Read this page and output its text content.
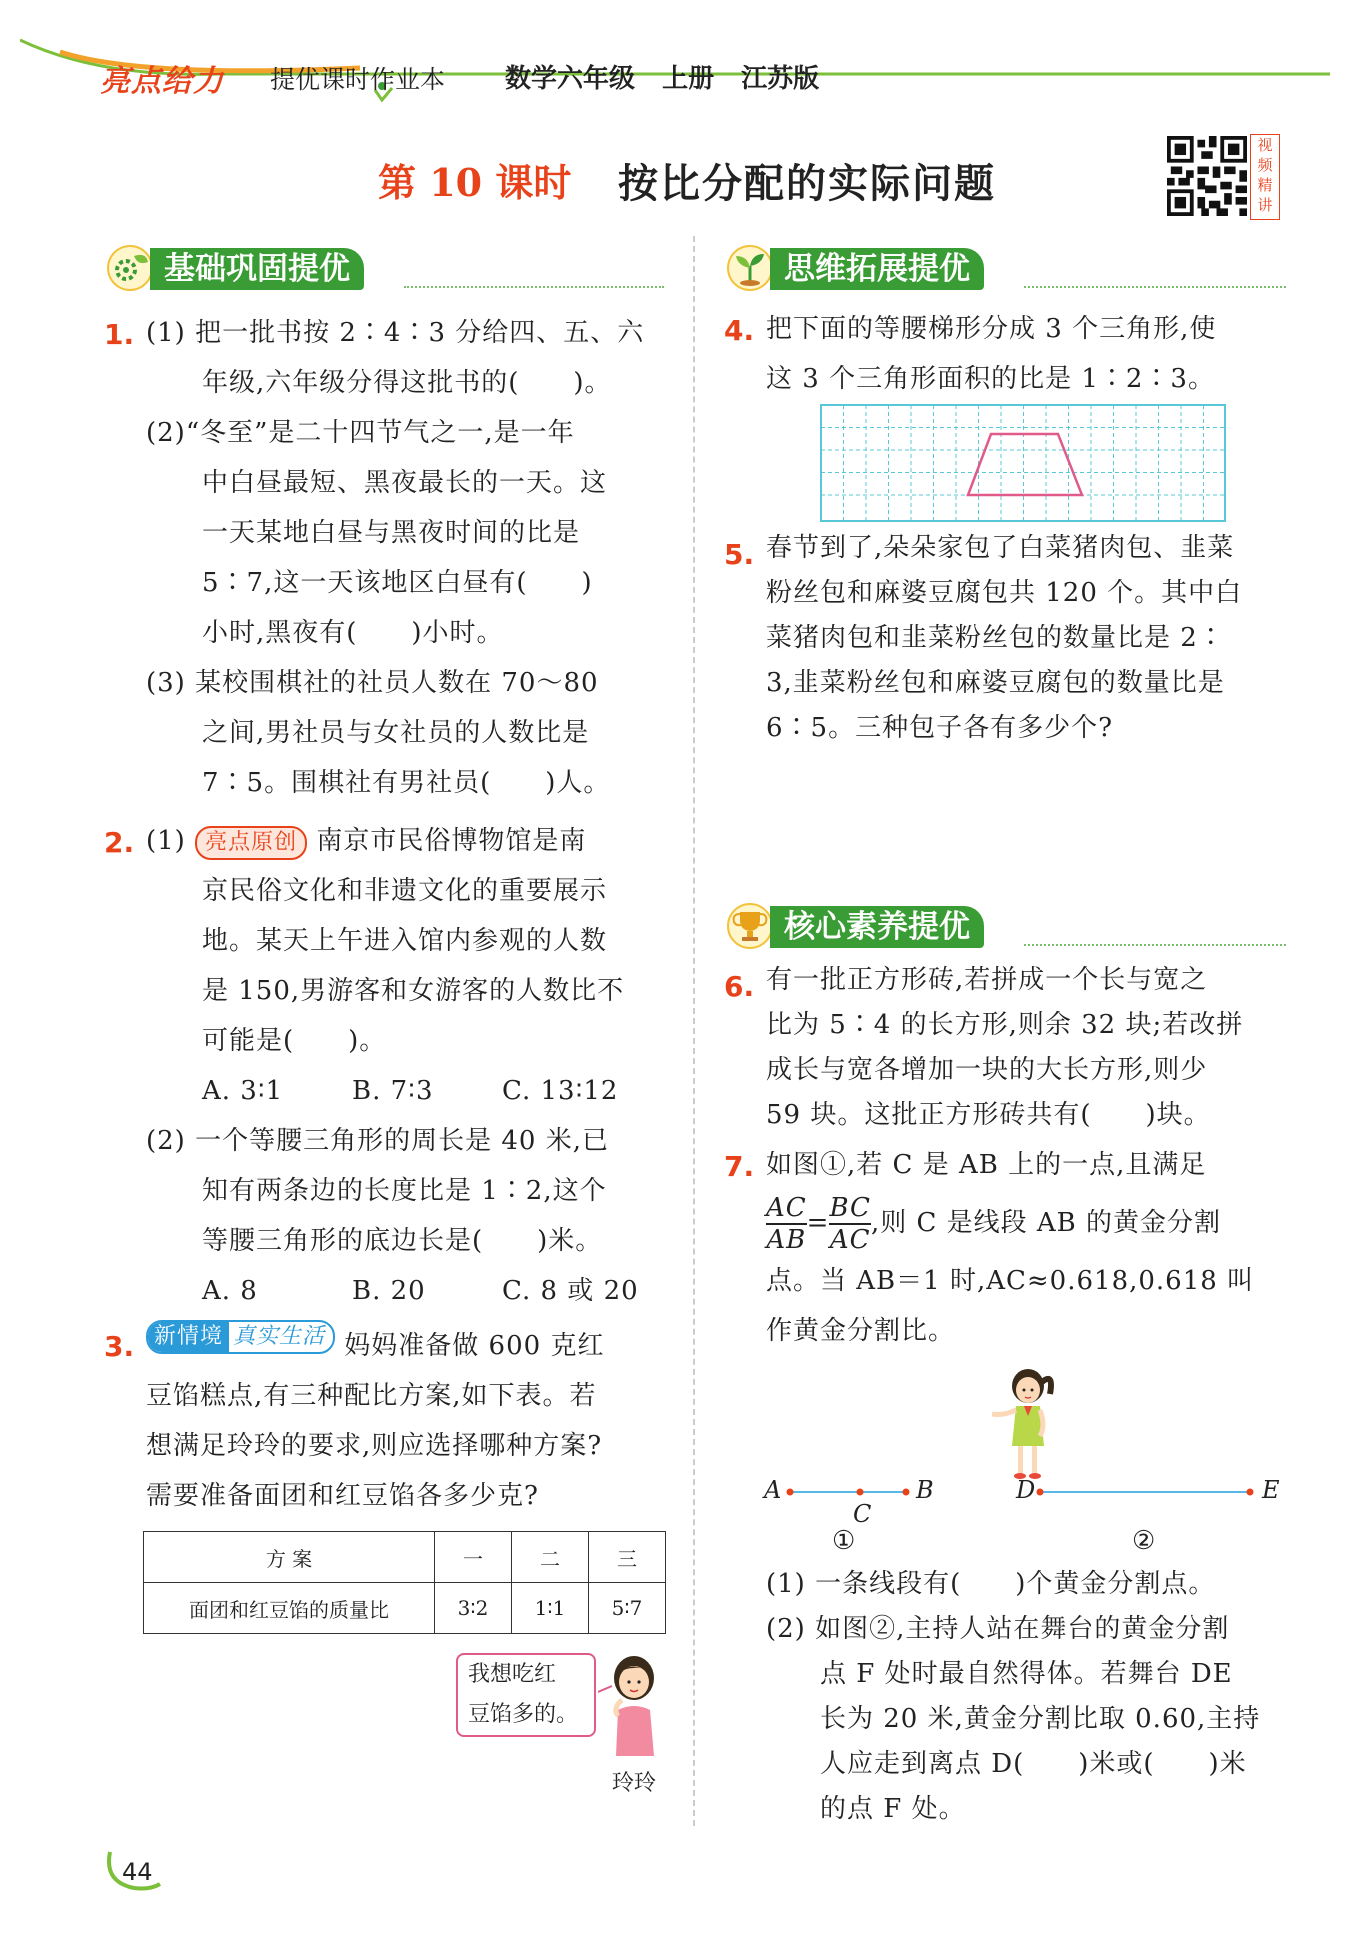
亮点给力 提优课时作业本 数学六年级 上册 江苏版
第 10 课时 按比分配的实际问题
视频精讲
基础巩固提优	思维拓展提优
核心素养提优
1. (1) 把一批书按 2∶4∶3 分给四、五、六
年级,六年级分得这批书的(　　)。
(2)“冬至”是二十四节气之一,是一年
中白昼最短、黑夜最长的一天。这
一天某地白昼与黑夜时间的比是
5∶7,这一天该地区白昼有(　　)
小时,黑夜有(　　)小时。
(3) 某校围棋社的社员人数在 70～80
之间,男社员与女社员的人数比是
7∶5。围棋社有男社员(　　)人。
2. (1) 亮点原创 南京市民俗博物馆是南
京民俗文化和非遗文化的重要展示
地。某天上午进入馆内参观的人数
是 150,男游客和女游客的人数比不
可能是(　　)。
A. 3∶1	B. 7∶3	C. 13∶12
(2) 一个等腰三角形的周长是 40 米,已
知有两条边的长度比是 1∶2,这个
等腰三角形的底边长是(　　)米。
A. 8	B. 20	C. 8 或 20
3. 新情境 真实生活 妈妈准备做 600 克红
豆馅糕点,有三种配比方案,如下表。若
想满足玲玲的要求,则应选择哪种方案?
需要准备面团和红豆馅各多少克?
方 案	一	二	三
面团和红豆馅的质量比	3∶2	1∶1	5∶7
我想吃红
豆馅多的。
玲玲
4. 把下面的等腰梯形分成 3 个三角形,使
这 3 个三角形面积的比是 1∶2∶3。
5. 春节到了,朵朵家包了白菜猪肉包、韭菜
粉丝包和麻婆豆腐包共 120 个。其中白
菜猪肉包和韭菜粉丝包的数量比是 2∶
3,韭菜粉丝包和麻婆豆腐包的数量比是
6∶5。三种包子各有多少个?
6. 有一批正方形砖,若拼成一个长与宽之
比为 5∶4 的长方形,则余 32 块;若改拼
成长与宽各增加一块的大长方形,则少
59 块。这批正方形砖共有(　　)块。
7. 如图①,若 C 是 AB 上的一点,且满足
$\frac{AC}{AB} = \frac{BC}{AC}$ ,则 C 是线段 AB 的黄金分割
点。当 AB＝1 时,AC≈0.618,0.618 叫
作黄金分割比。
A	B
C
D	E
①	②
(1) 一条线段有(　　)个黄金分割点。
(2) 如图②,主持人站在舞台的黄金分割
点 F 处时最自然得体。若舞台 DE
长为 20 米,黄金分割比取 0.60,主持
人应走到离点 D(　　)米或(　　)米
的点 F 处。
44
